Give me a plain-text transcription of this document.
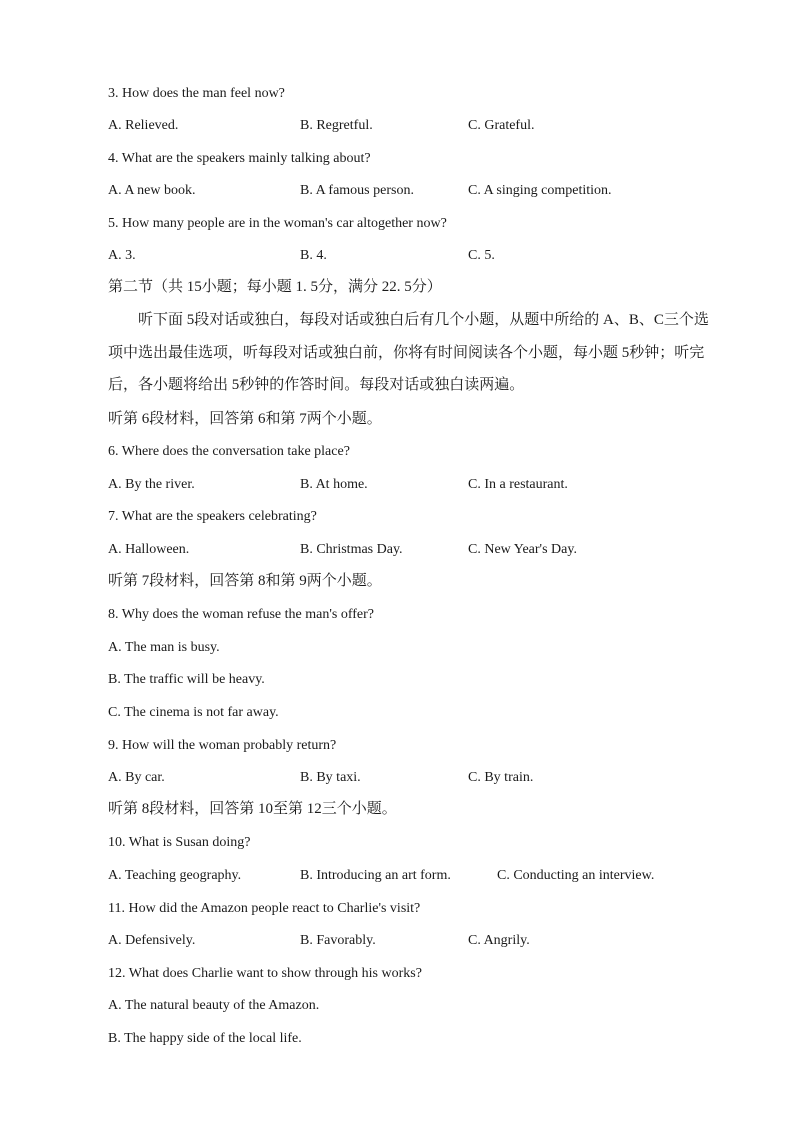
3. How does the man feel now?
A. Relieved.	B. Regretful.	C. Grateful.
4. What are the speakers mainly talking about?
A. A new book.	B. A famous person.	C. A singing competition.
5. How many people are in the woman's car altogether now?
A. 3.	B. 4.	C. 5.
第二节（共 15小题；每小题 1. 5分，满分 22. 5分）
听下面 5段对话或独白，每段对话或独白后有几个小题，从题中所给的 A、B、C三个选项中选出最佳选项，听每段对话或独白前，你将有时间阅读各个小题，每小题 5秒钟；听完后，各小题将给出 5秒钟的作答时间。每段对话或独白读两遍。
听第 6段材料，回答第 6和第 7两个小题。
6. Where does the conversation take place?
A. By the river.	B. At home.	C. In a restaurant.
7. What are the speakers celebrating?
A. Halloween.	B. Christmas Day.	C. New Year's Day.
听第 7段材料，回答第 8和第 9两个小题。
8. Why does the woman refuse the man's offer?
A. The man is busy.
B. The traffic will be heavy.
C. The cinema is not far away.
9. How will the woman probably return?
A. By car.	B. By taxi.	C. By train.
听第 8段材料，回答第 10至第 12三个小题。
10. What is Susan doing?
A. Teaching geography.	B. Introducing an art form.	C. Conducting an interview.
11. How did the Amazon people react to Charlie's visit?
A. Defensively.	B. Favorably.	C. Angrily.
12. What does Charlie want to show through his works?
A. The natural beauty of the Amazon.
B. The happy side of the local life.
